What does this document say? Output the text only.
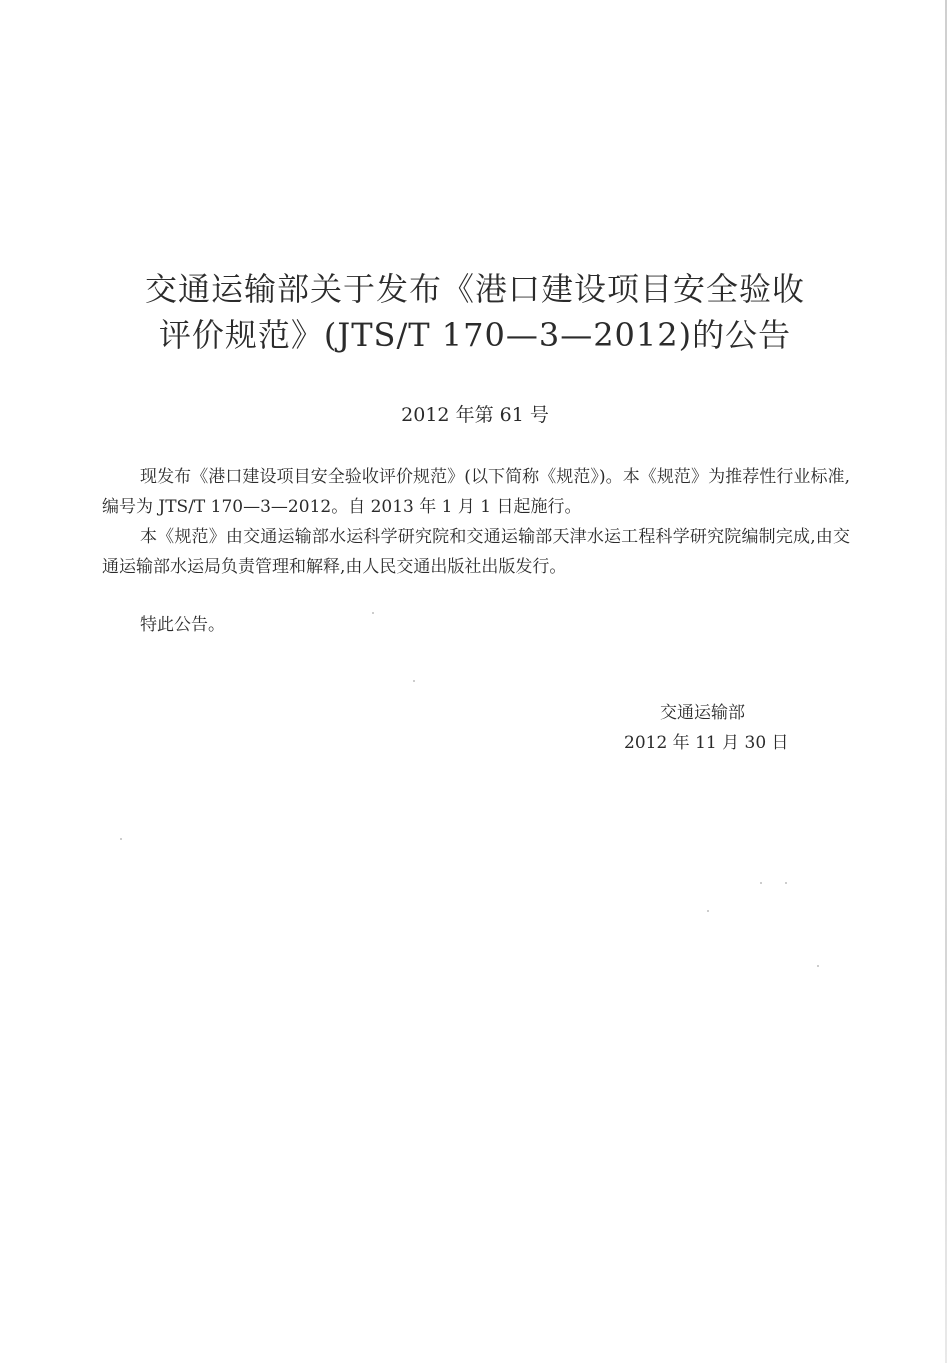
交通运输部关于发布《港口建设项目安全验收
评价规范》(JTS/T 170—3—2012)的公告
2012 年第 61 号

现发布《港口建设项目安全验收评价规范》(以下简称《规范》)。本《规范》为推荐性行业标准,编号为 JTS/T 170—3—2012。自 2013 年 1 月 1 日起施行。

本《规范》由交通运输部水运科学研究院和交通运输部天津水运工程科学研究院编制完成,由交通运输部水运局负责管理和解释,由人民交通出版社出版发行。

特此公告。
交通运输部
2012 年 11 月 30 日
